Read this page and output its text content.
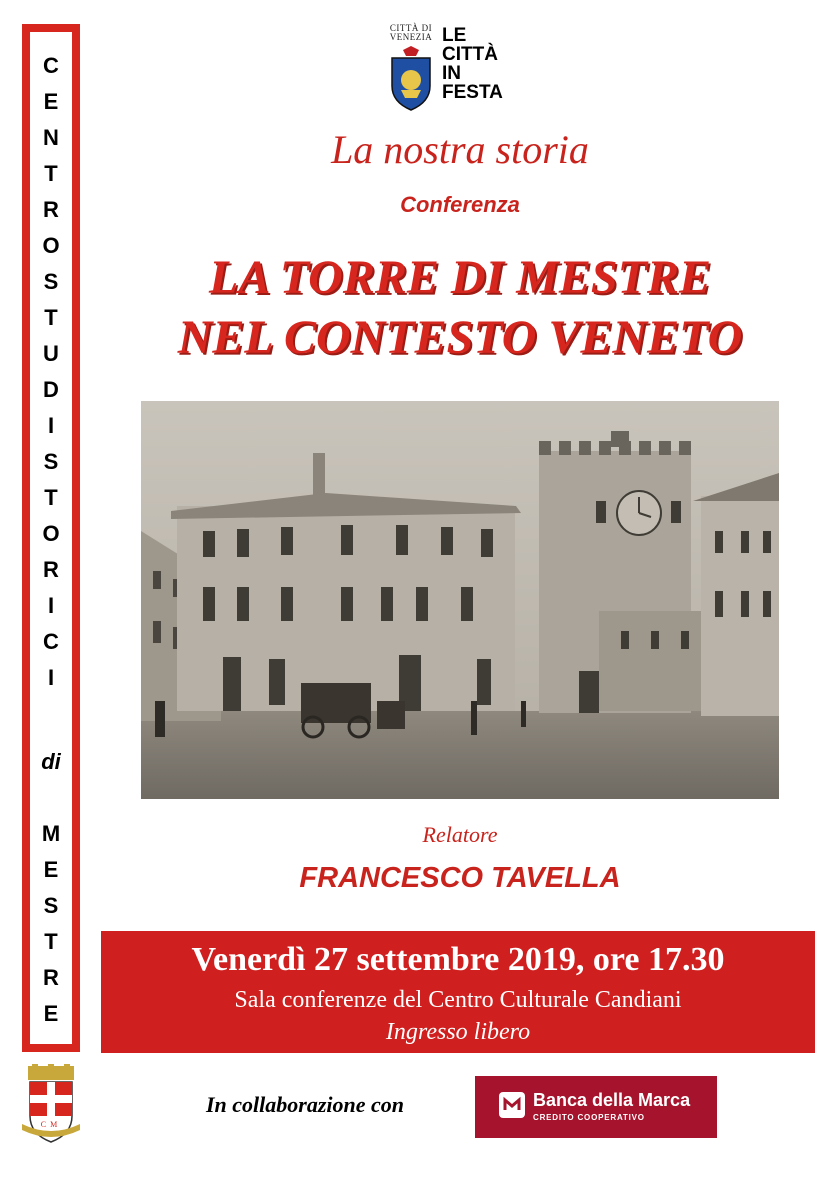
C
E
N
T
R
O
S
T
U
D
I
S
T
O
R
I
C
I
di
M
E
S
T
R
E
CITTÀ DI VENEZIA LE
CITTÀ
IN
FESTA
La nostra storia
Conferenza
LA TORRE DI MESTRE
NEL CONTESTO VENETO
Relatore
FRANCESCO TAVELLA
Venerdì 27 settembre 2019, ore 17.30
Sala conferenze del Centro Culturale Candiani
Ingresso libero
CM
In collaborazione con	Banca della Marca
CREDITO COOPERATIVO
